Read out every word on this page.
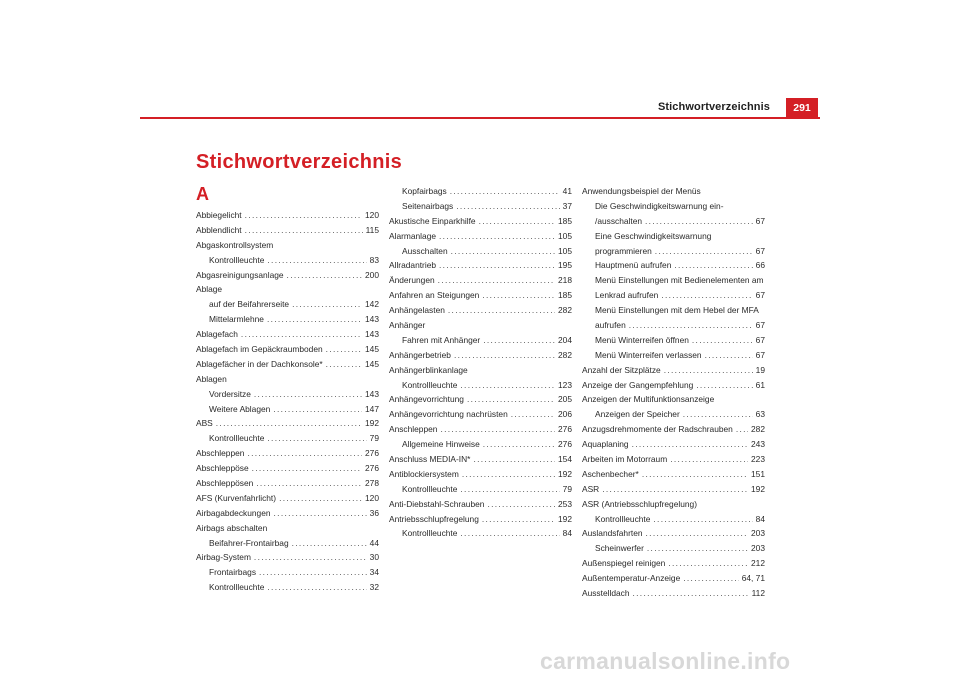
Stichwortverzeichnis	291
Stichwortverzeichnis
A
Abbiegelicht . . .	120
Abblendlicht . . .	115
Abgaskontrollsystem
Kontrollleuchte . . .	83
Abgasreinigungsanlage . . .	200
Ablage
auf der Beifahrerseite . . .	142
Mittelarmlehne . . .	143
Ablagefach . . .	143
Ablagefach im Gepäckraumboden . . .	145
Ablagefächer in der Dachkonsole* . . .	145
Ablagen
Vordersitze . . .	143
Weitere Ablagen . . .	147
ABS . . .	192
Kontrollleuchte . . .	79
Abschleppen . . .	276
Abschleppöse . . .	276
Abschleppösen . . .	278
AFS (Kurvenfahrlicht) . . .	120
Airbagabdeckungen . . .	36
Airbags abschalten
Beifahrer-Frontairbag . . .	44
Airbag-System . . .	30
Frontairbags . . .	34
Kontrollleuchte . . .	32
Kopfairbags . . .	41
Seitenairbags . . .	37
Akustische Einparkhilfe . . .	185
Alarmanlage . . .	105
Ausschalten . . .	105
Allradantrieb . . .	195
Änderungen . . .	218
Anfahren an Steigungen . . .	185
Anhängelasten . . .	282
Anhänger
Fahren mit Anhänger . . .	204
Anhängerbetrieb . . .	282
Anhängerblinkanlage
Kontrollleuchte . . .	123
Anhängevorrichtung . . .	205
Anhängevorrichtung nachrüsten . . .	206
Anschleppen . . .	276
Allgemeine Hinweise . . .	276
Anschluss MEDIA-IN* . . .	154
Antiblockiersystem . . .	192
Kontrollleuchte . . .	79
Anti-Diebstahl-Schrauben . . .	253
Antriebsschlupfregelung . . .	192
Kontrollleuchte . . .	84
Anwendungsbeispiel der Menüs
Die Geschwindigkeitswarnung ein-
/ausschalten . . .	67
Eine Geschwindigkeitswarnung
programmieren . . .	67
Hauptmenü aufrufen . . .	66
Menü Einstellungen mit Bedienelementen am
Lenkrad aufrufen . . .	67
Menü Einstellungen mit dem Hebel der MFA
aufrufen . . .	67
Menü Winterreifen öffnen . . .	67
Menü Winterreifen verlassen . . .	67
Anzahl der Sitzplätze . . .	19
Anzeige der Gangempfehlung . . .	61
Anzeigen der Multifunktionsanzeige
Anzeigen der Speicher . . .	63
Anzugsdrehmomente der Radschrauben . . . 282
Aquaplaning . . .	243
Arbeiten im Motorraum . . .	223
Aschenbecher* . . .	151
ASR . . .	192
ASR (Antriebsschlupfregelung)
Kontrollleuchte . . .	84
Auslandsfahrten . . .	203
Scheinwerfer . . .	203
Außenspiegel reinigen . . .	212
Außentemperatur-Anzeige . . .	64, 71
Ausstelldach . . .	112
carmanualsonline.info
